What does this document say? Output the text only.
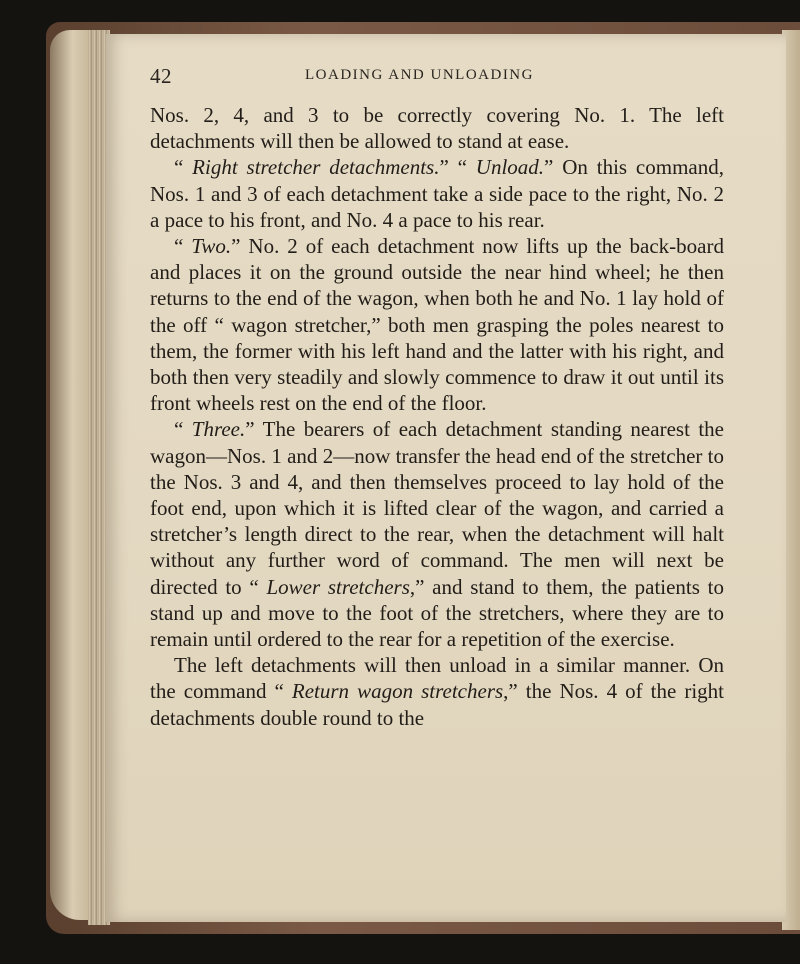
42	LOADING AND UNLOADING

Nos. 2, 4, and 3 to be correctly covering No. 1. The left detachments will then be allowed to stand at ease.

“ Right stretcher detachments.” “ Unload.” On this command, Nos. 1 and 3 of each detachment take a side pace to the right, No. 2 a pace to his front, and No. 4 a pace to his rear.

“ Two.” No. 2 of each detachment now lifts up the back-board and places it on the ground outside the near hind wheel; he then returns to the end of the wagon, when both he and No. 1 lay hold of the off “ wagon stretcher,” both men grasping the poles nearest to them, the former with his left hand and the latter with his right, and both then very steadily and slowly commence to draw it out until its front wheels rest on the end of the floor.

“ Three.” The bearers of each detachment standing nearest the wagon—Nos. 1 and 2—now transfer the head end of the stretcher to the Nos. 3 and 4, and then themselves proceed to lay hold of the foot end, upon which it is lifted clear of the wagon, and carried a stretcher’s length direct to the rear, when the detachment will halt without any further word of command. The men will next be directed to “ Lower stretchers,” and stand to them, the patients to stand up and move to the foot of the stretchers, where they are to remain until ordered to the rear for a repetition of the exercise.

The left detachments will then unload in a similar manner. On the command “ Return wagon stretchers,” the Nos. 4 of the right detachments double round to the
